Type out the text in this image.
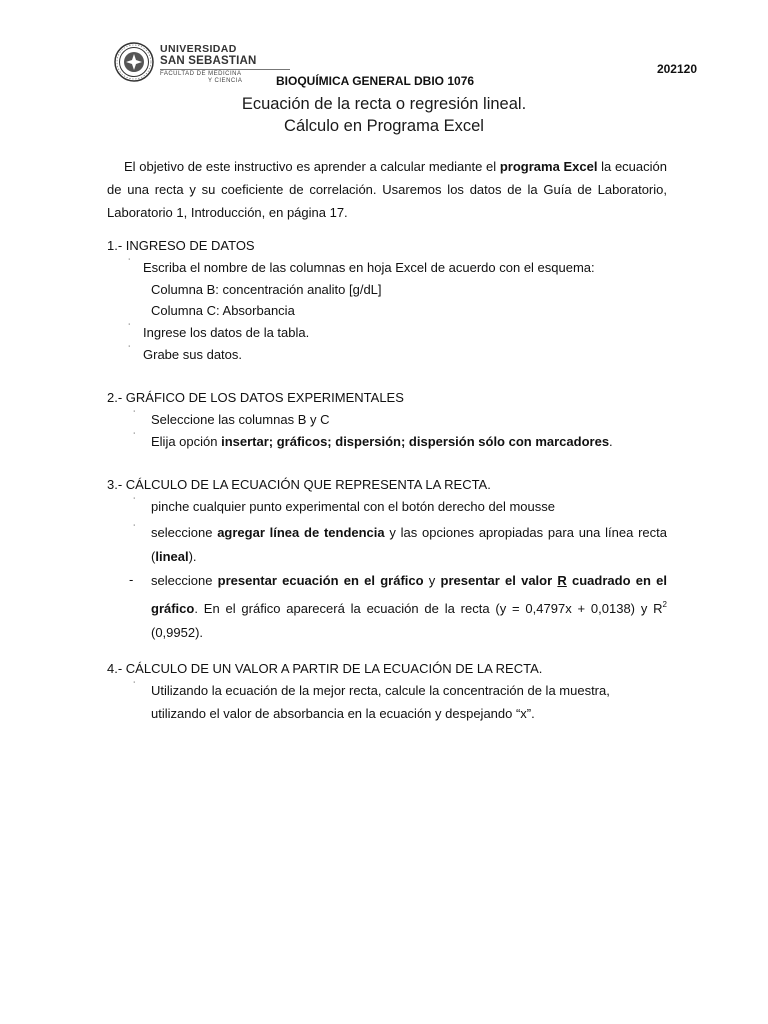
UNIVERSIDAD
SAN SEBASTIAN
FACULTAD DE MEDICINA
Y CIENCIA
202120
BIOQUÍMICA GENERAL DBIO 1076
Ecuación de la recta o regresión lineal.
Cálculo en Programa Excel
El objetivo de este instructivo es aprender a calcular mediante el programa Excel la ecuación de una recta y su coeficiente de correlación. Usaremos los datos de la Guía de Laboratorio, Laboratorio 1, Introducción, en página 17.
1.- INGRESO DE DATOS
˙ Escriba el nombre de las columnas en hoja Excel de acuerdo con el esquema:
Columna B: concentración analito [g/dL]
Columna C: Absorbancia
˙ Ingrese los datos de la tabla.
˙ Grabe sus datos.
2.- GRÁFICO DE LOS DATOS EXPERIMENTALES
˙ Seleccione las columnas B y C
˙ Elija opción insertar; gráficos; dispersión; dispersión sólo con marcadores.
3.- CÁLCULO DE LA ECUACIÓN QUE REPRESENTA LA RECTA.
˙ pinche cualquier punto experimental con el botón derecho del mousse
˙ seleccione agregar línea de tendencia y las opciones apropiadas para una línea recta (lineal).
- seleccione presentar ecuación en el gráfico y presentar el valor R cuadrado en el gráfico. En el gráfico aparecerá la ecuación de la recta (y = 0,4797x + 0,0138) y $R^2$ (0,9952).
4.- CÁLCULO DE UN VALOR A PARTIR DE LA ECUACIÓN DE LA RECTA.
˙ Utilizando la ecuación de la mejor recta, calcule la concentración de la muestra,
utilizando el valor de absorbancia en la ecuación y despejando “x”.
